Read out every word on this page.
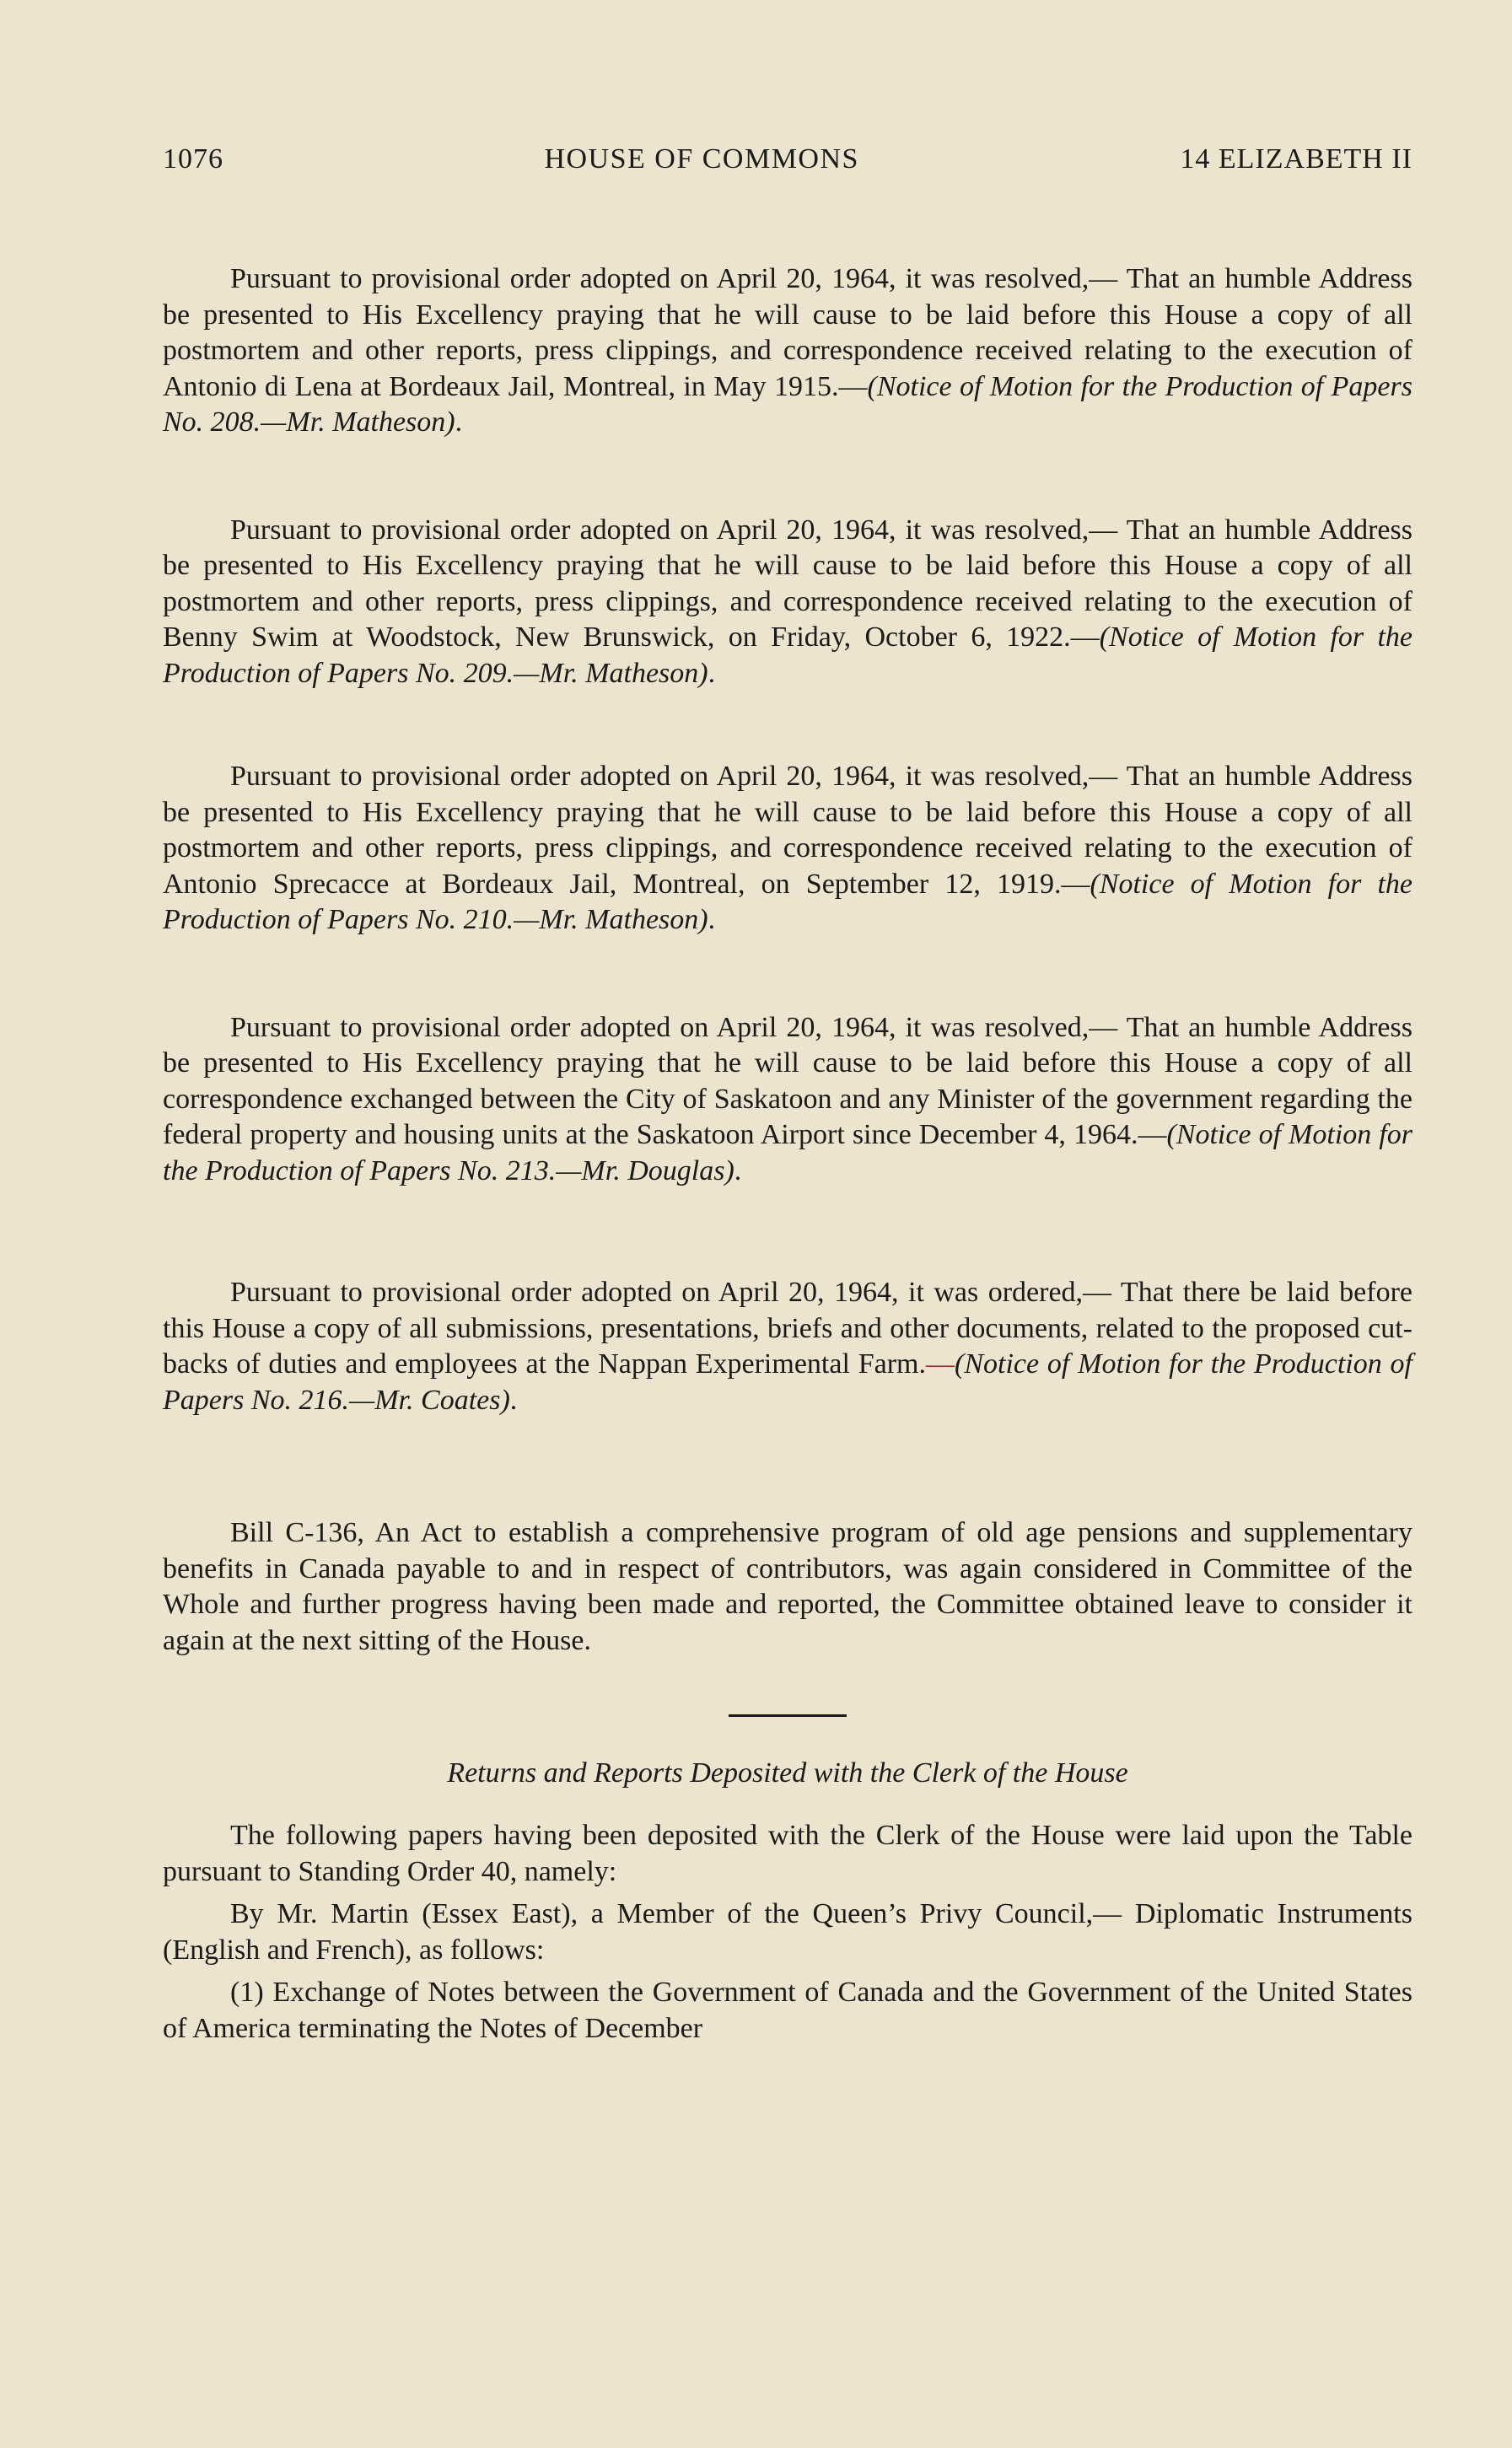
1076	HOUSE OF COMMONS	14 ELIZABETH II

Pursuant to provisional order adopted on April 20, 1964, it was resolved,— That an humble Address be presented to His Excellency praying that he will cause to be laid before this House a copy of all postmortem and other reports, press clippings, and correspondence received relating to the execution of Antonio di Lena at Bordeaux Jail, Montreal, in May 1915.—(Notice of Motion for the Production of Papers No. 208.—Mr. Matheson).

Pursuant to provisional order adopted on April 20, 1964, it was resolved,— That an humble Address be presented to His Excellency praying that he will cause to be laid before this House a copy of all postmortem and other reports, press clippings, and correspondence received relating to the execution of Benny Swim at Woodstock, New Brunswick, on Friday, October 6, 1922.—(Notice of Motion for the Production of Papers No. 209.—Mr. Matheson).

Pursuant to provisional order adopted on April 20, 1964, it was resolved,— That an humble Address be presented to His Excellency praying that he will cause to be laid before this House a copy of all postmortem and other reports, press clippings, and correspondence received relating to the execution of Antonio Sprecacce at Bordeaux Jail, Montreal, on September 12, 1919.—(Notice of Motion for the Production of Papers No. 210.—Mr. Matheson).

Pursuant to provisional order adopted on April 20, 1964, it was resolved,— That an humble Address be presented to His Excellency praying that he will cause to be laid before this House a copy of all correspondence exchanged between the City of Saskatoon and any Minister of the government regarding the federal property and housing units at the Saskatoon Airport since December 4, 1964.—(Notice of Motion for the Production of Papers No. 213.—Mr. Douglas).

Pursuant to provisional order adopted on April 20, 1964, it was ordered,— That there be laid before this House a copy of all submissions, presentations, briefs and other documents, related to the proposed cut-backs of duties and employees at the Nappan Experimental Farm.—(Notice of Motion for the Production of Papers No. 216.—Mr. Coates).

Bill C-136, An Act to establish a comprehensive program of old age pensions and supplementary benefits in Canada payable to and in respect of contributors, was again considered in Committee of the Whole and further progress having been made and reported, the Committee obtained leave to consider it again at the next sitting of the House.

Returns and Reports Deposited with the Clerk of the House

The following papers having been deposited with the Clerk of the House were laid upon the Table pursuant to Standing Order 40, namely:

By Mr. Martin (Essex East), a Member of the Queen’s Privy Council,— Diplomatic Instruments (English and French), as follows:

(1) Exchange of Notes between the Government of Canada and the Government of the United States of America terminating the Notes of December
